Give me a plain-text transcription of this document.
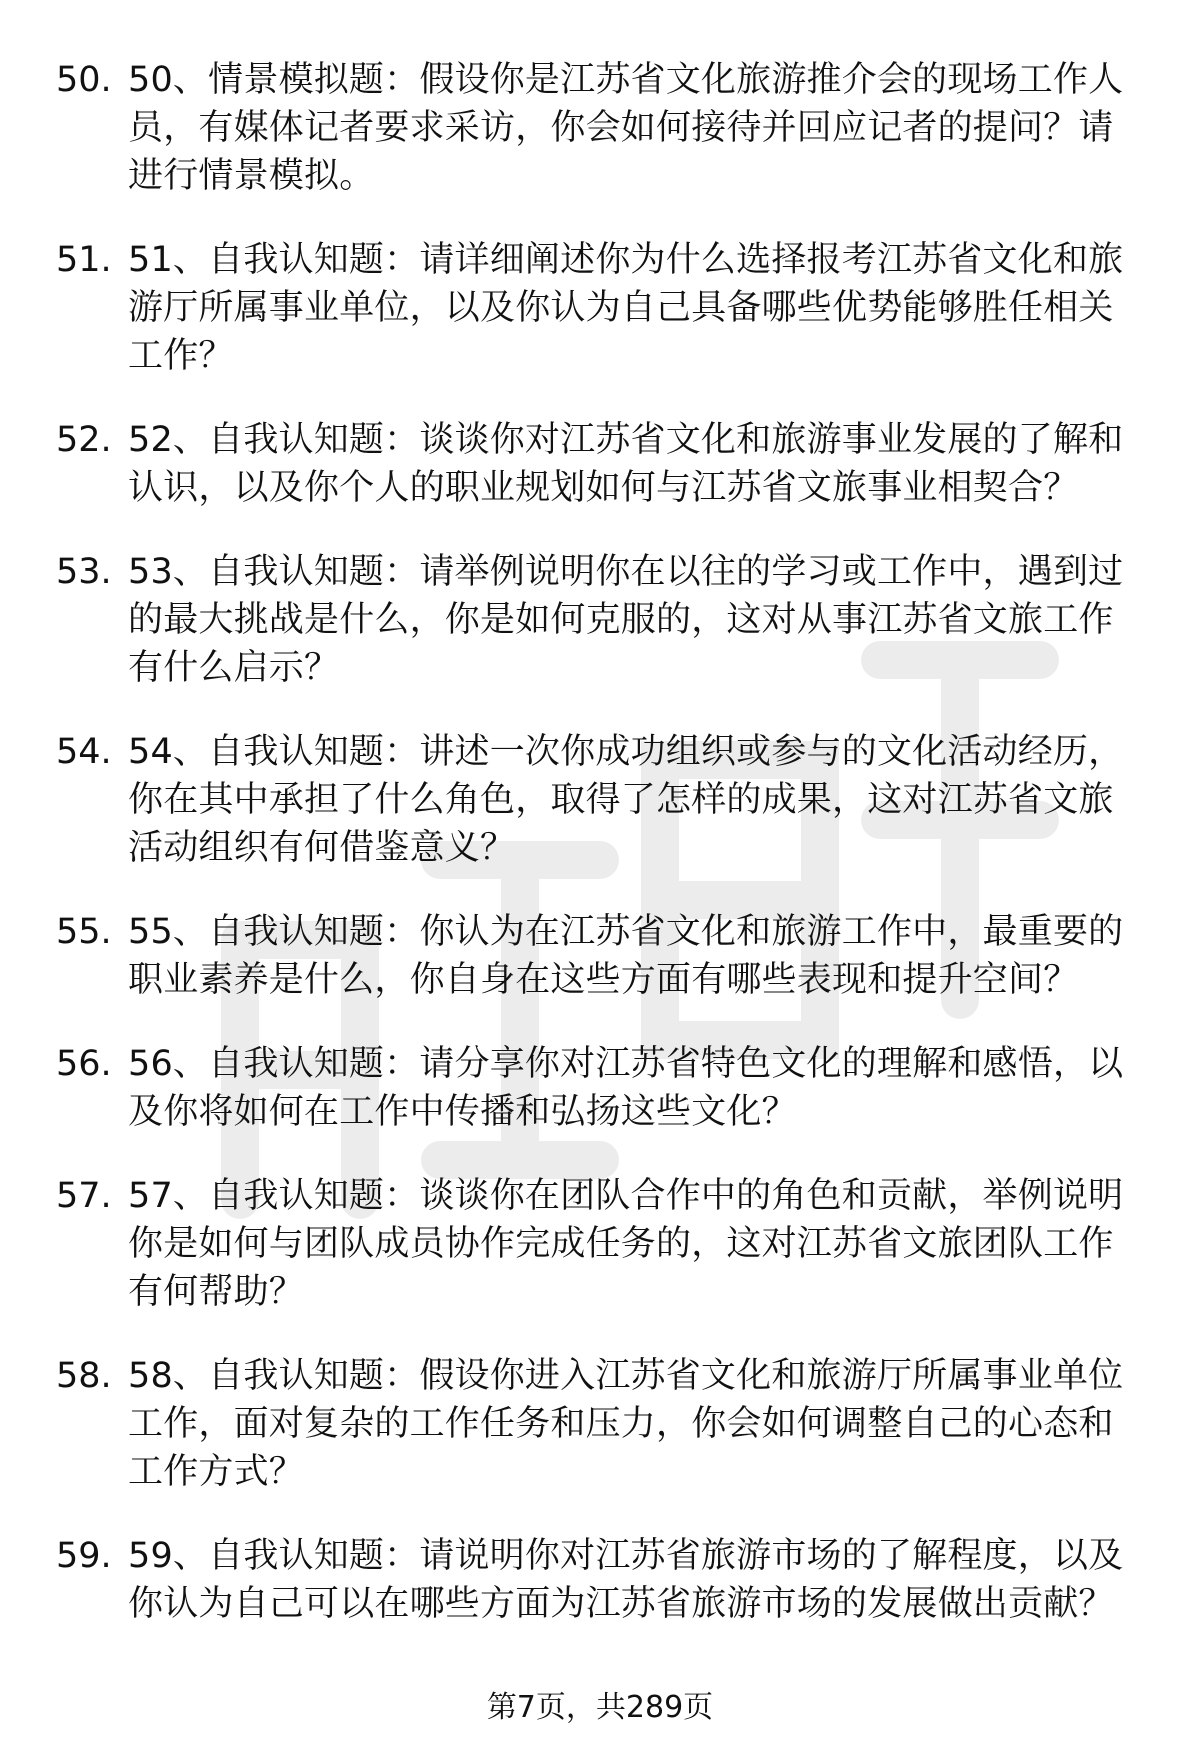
50. 50、情景模拟题：假设你是江苏省文化旅游推介会的现场工作人员，有媒体记者要求采访，你会如何接待并回应记者的提问？请进行情景模拟。
51. 51、自我认知题：请详细阐述你为什么选择报考江苏省文化和旅游厅所属事业单位，以及你认为自己具备哪些优势能够胜任相关工作？
52. 52、自我认知题：谈谈你对江苏省文化和旅游事业发展的了解和认识，以及你个人的职业规划如何与江苏省文旅事业相契合？
53. 53、自我认知题：请举例说明你在以往的学习或工作中，遇到过的最大挑战是什么，你是如何克服的，这对从事江苏省文旅工作有什么启示？
54. 54、自我认知题：讲述一次你成功组织或参与的文化活动经历，你在其中承担了什么角色，取得了怎样的成果，这对江苏省文旅活动组织有何借鉴意义？
55. 55、自我认知题：你认为在江苏省文化和旅游工作中，最重要的职业素养是什么，你自身在这些方面有哪些表现和提升空间？
56. 56、自我认知题：请分享你对江苏省特色文化的理解和感悟，以及你将如何在工作中传播和弘扬这些文化？
57. 57、自我认知题：谈谈你在团队合作中的角色和贡献，举例说明你是如何与团队成员协作完成任务的，这对江苏省文旅团队工作有何帮助？
58. 58、自我认知题：假设你进入江苏省文化和旅游厅所属事业单位工作，面对复杂的工作任务和压力，你会如何调整自己的心态和工作方式？
59. 59、自我认知题：请说明你对江苏省旅游市场的了解程度，以及你认为自己可以在哪些方面为江苏省旅游市场的发展做出贡献？
第7页，共289页
